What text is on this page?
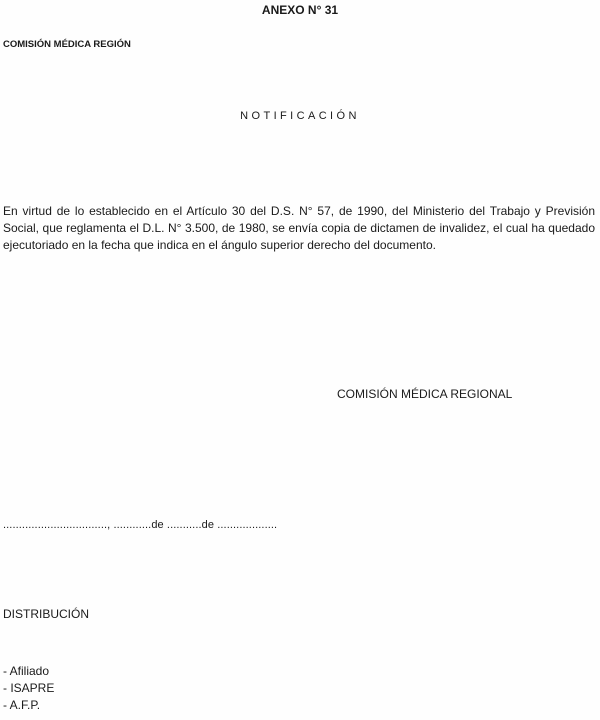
ANEXO N° 31
COMISIÓN MÉDICA REGIÓN
NOTIFICACIÓN
En virtud de lo establecido en el Artículo 30 del D.S. N° 57, de 1990, del Ministerio del Trabajo y Previsión Social, que reglamenta el D.L. N° 3.500, de 1980, se envía copia de dictamen de invalidez, el cual ha quedado ejecutoriado en la fecha que indica en el ángulo superior derecho del documento.
COMISIÓN MÉDICA REGIONAL
................................., ............de ...........de ...................
DISTRIBUCIÓN
- Afiliado
- ISAPRE
- A.F.P.
